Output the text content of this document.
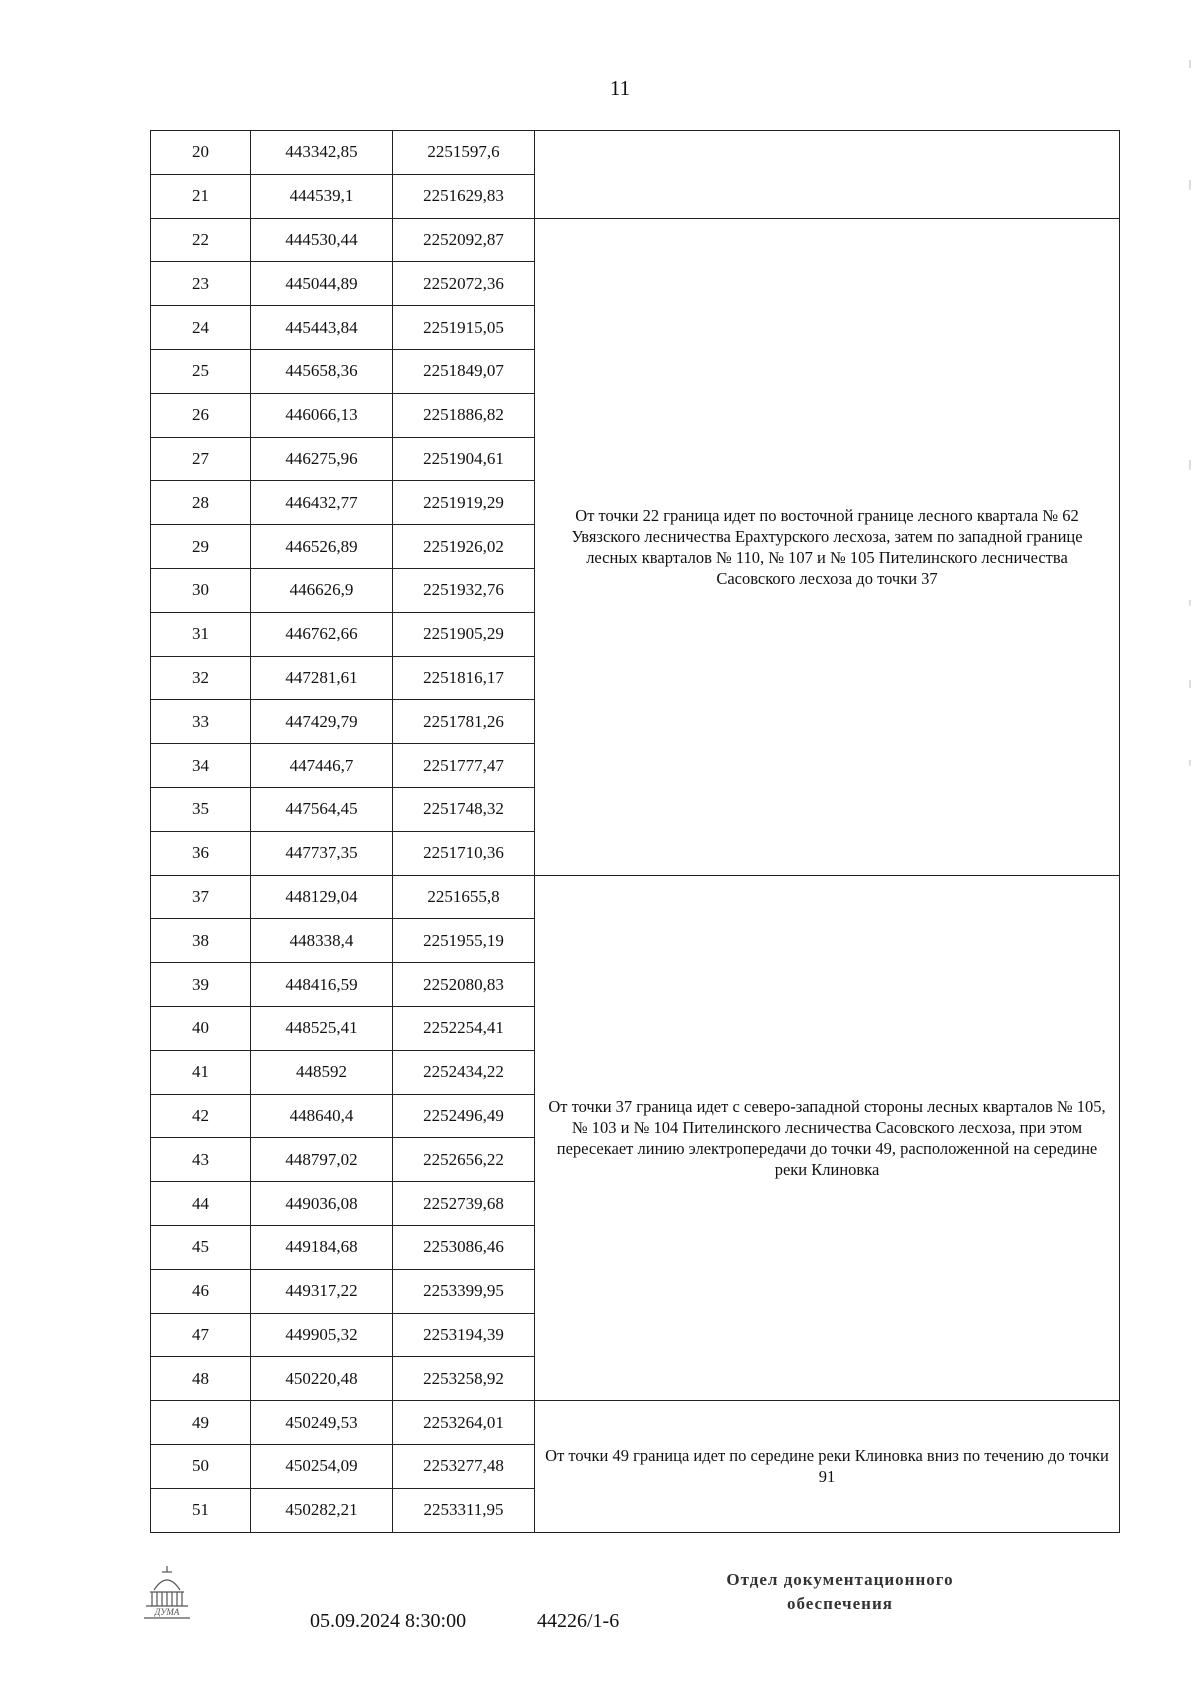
11
20	443342,85	2251597,6	
21	444539,1	2251629,83	
22	444530,44	2252092,87	От точки 22 граница идет по восточной границе лесного квартала № 62 Увязского лесничества Ерахтурского лесхоза, затем по западной границе лесных кварталов № 110, № 107 и № 105 Пителинского лесничества Сасовского лесхоза до точки 37
23	445044,89	2252072,36	
24	445443,84	2251915,05	
25	445658,36	2251849,07	
26	446066,13	2251886,82	
27	446275,96	2251904,61	
28	446432,77	2251919,29	
29	446526,89	2251926,02	
30	446626,9	2251932,76	
31	446762,66	2251905,29	
32	447281,61	2251816,17	
33	447429,79	2251781,26	
34	447446,7	2251777,47	
35	447564,45	2251748,32	
36	447737,35	2251710,36	
37	448129,04	2251655,8	От точки 37 граница идет с северо-западной стороны лесных кварталов № 105, № 103 и № 104 Пителинского лесничества Сасовского лесхоза, при этом пересекает линию электропередачи до точки 49, расположенной на середине реки Клиновка
38	448338,4	2251955,19	
39	448416,59	2252080,83	
40	448525,41	2252254,41	
41	448592	2252434,22	
42	448640,4	2252496,49	
43	448797,02	2252656,22	
44	449036,08	2252739,68	
45	449184,68	2253086,46	
46	449317,22	2253399,95	
47	449905,32	2253194,39	
48	450220,48	2253258,92	
49	450249,53	2253264,01	От точки 49 граница идет по середине реки Клиновка вниз по течению до точки 91
50	450254,09	2253277,48	
51	450282,21	2253311,95	
ДУМА	05.09.2024 8:30:00	44226/1-6
Отдел документационного
обеспечения
